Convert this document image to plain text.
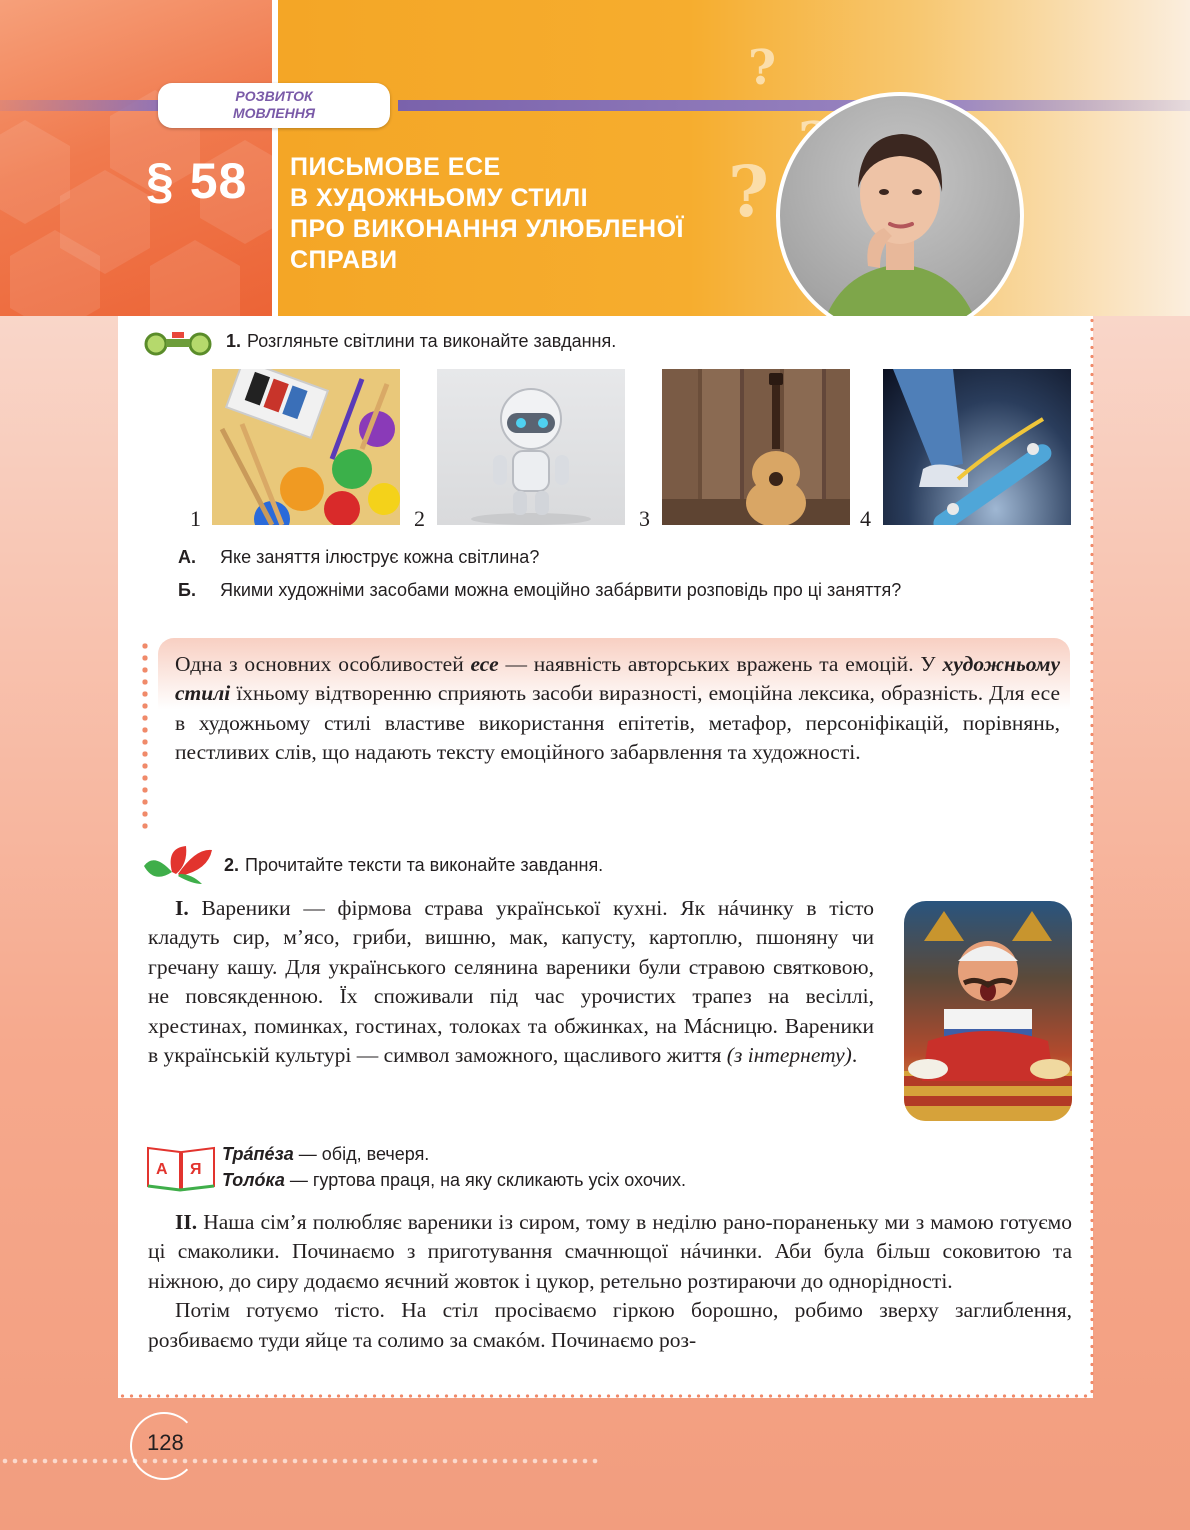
?
?
РОЗВИТОК
МОВЛЕННЯ
§ 58 ПИСЬМОВЕ ЕСЕ
В ХУДОЖНЬОМУ СТИЛІ
ПРО ВИКОНАННЯ УЛЮБЛЕНОЇ
СПРАВИ
1. Розгляньте світлини та виконайте завдання.
1	2	3	4
А. Яке заняття ілюструє кожна світлина?
Б.	Якими художніми засобами можна емоційно забáрвити розповідь про ці заняття?
Одна з основних особливостей есе — наявність авторських вражень та емоцій. У художньому стилі їхньому відтворенню сприяють засоби виразності, емоційна лексика, образність. Для есе в художньому стилі властиве використання епітетів, метафор, персоніфікацій, порівнянь, пестливих слів, що надають тексту емоційного забарвлення та художності.
2. Прочитайте тексти та виконайте завдання.
І. Вареники — фірмова страва української кухні. Як нáчинку в тісто кладуть сир, м’ясо, гриби, вишню, мак, капусту, картоплю, пшоняну чи гречану кашу. Для українського селянина вареники були стравою святковою, не повсякденною. Їх споживали під час урочистих трапез на весіллі, хрестинах, поминках, гостинах, толоках та обжинках, на Мáсницю. Вареники в українській культурі — символ заможного, щасливого життя (з інтернету).
А Я
Трáпéза — обід, вечеря.
Толóка — гуртова праця, на яку скликають усіх охочих.
ІІ. Наша сім’я полюбляє вареники із сиром, тому в неділю рано-пораненьку ми з мамою готуємо ці смаколики. Починаємо з приготування смачнющої нáчинки. Аби була більш соковитою та ніжною, до сиру додаємо яєчний жовток і цукор, ретельно розтираючи до однорідності.
Потім готуємо тісто. На стіл просіваємо гіркою борошно, робимо зверху заглиблення, розбиваємо туди яйце та солимо за смакóм. Починаємо роз-
128
